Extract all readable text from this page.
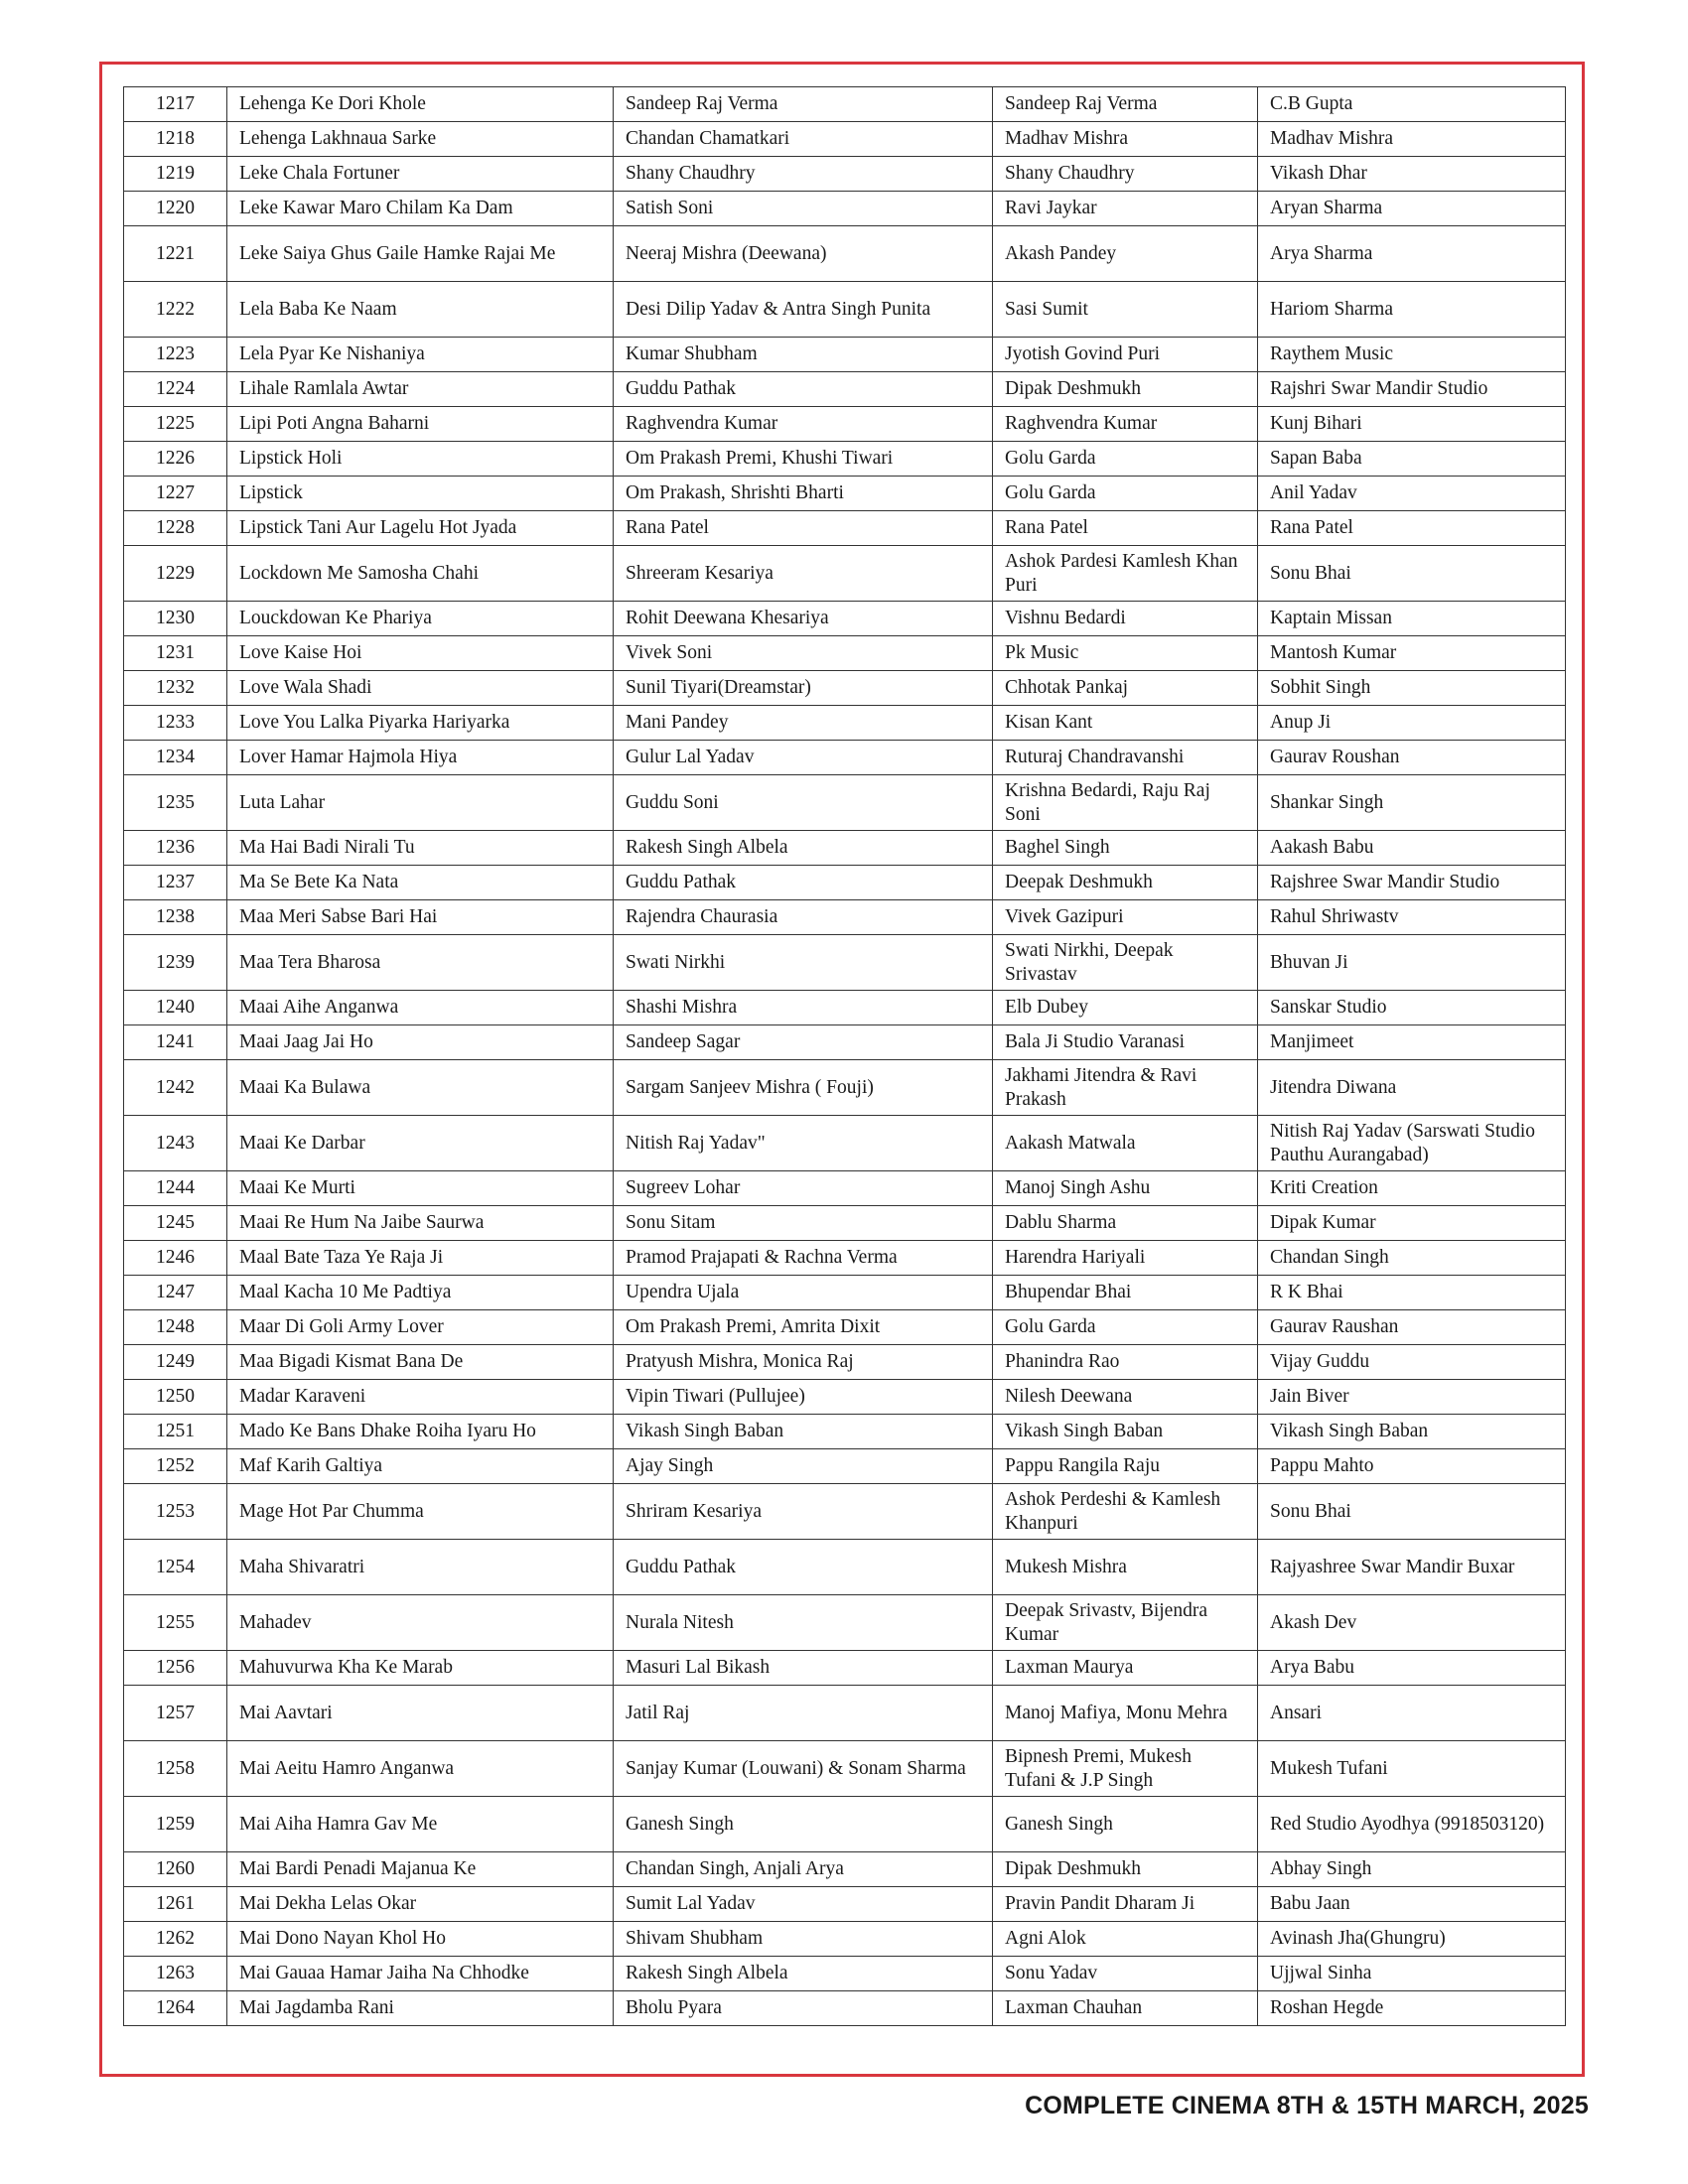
1217	Lehenga Ke Dori Khole	Sandeep Raj Verma	Sandeep Raj Verma	C.B Gupta
1218	Lehenga Lakhnaua Sarke	Chandan Chamatkari	Madhav Mishra	Madhav Mishra
1219	Leke Chala Fortuner	Shany Chaudhry	Shany Chaudhry	Vikash Dhar
1220	Leke Kawar Maro Chilam Ka Dam	Satish Soni	Ravi Jaykar	Aryan Sharma
1221	Leke Saiya Ghus Gaile Hamke Rajai Me	Neeraj Mishra (Deewana)	Akash Pandey	Arya Sharma
1222	Lela Baba Ke Naam	Desi Dilip Yadav & Antra Singh Punita	Sasi Sumit	Hariom Sharma
1223	Lela Pyar Ke Nishaniya	Kumar Shubham	Jyotish Govind Puri	Raythem Music
1224	Lihale Ramlala Awtar	Guddu Pathak	Dipak Deshmukh	Rajshri Swar Mandir Studio
1225	Lipi Poti Angna Baharni	Raghvendra Kumar	Raghvendra Kumar	Kunj Bihari
1226	Lipstick Holi	Om Prakash Premi, Khushi Tiwari	Golu Garda	Sapan Baba
1227	Lipstick	Om Prakash, Shrishti Bharti	Golu Garda	Anil Yadav
1228	Lipstick Tani Aur Lagelu Hot Jyada	Rana Patel	Rana Patel	Rana Patel
1229	Lockdown Me Samosha Chahi	Shreeram Kesariya	Ashok Pardesi Kamlesh Khan Puri	Sonu Bhai
1230	Louckdowan Ke Phariya	Rohit Deewana Khesariya	Vishnu Bedardi	Kaptain Missan
1231	Love Kaise Hoi	Vivek Soni	Pk Music	Mantosh Kumar
1232	Love Wala Shadi	Sunil Tiyari(Dreamstar)	Chhotak Pankaj	Sobhit Singh
1233	Love You Lalka Piyarka Hariyarka	Mani Pandey	Kisan Kant	Anup Ji
1234	Lover Hamar Hajmola Hiya	Gulur Lal Yadav	Ruturaj Chandravanshi	Gaurav Roushan
1235	Luta Lahar	Guddu Soni	Krishna Bedardi, Raju Raj Soni	Shankar Singh
1236	Ma Hai Badi Nirali Tu	Rakesh Singh Albela	Baghel Singh	Aakash Babu
1237	Ma Se Bete Ka Nata	Guddu Pathak	Deepak Deshmukh	Rajshree Swar Mandir Studio
1238	Maa Meri Sabse Bari Hai	Rajendra Chaurasia	Vivek Gazipuri	Rahul Shriwastv
1239	Maa Tera Bharosa	Swati Nirkhi	Swati Nirkhi, Deepak Srivastav	Bhuvan Ji
1240	Maai Aihe Anganwa	Shashi Mishra	Elb Dubey	Sanskar Studio
1241	Maai Jaag Jai Ho	Sandeep Sagar	Bala Ji Studio Varanasi	Manjimeet
1242	Maai Ka Bulawa	Sargam Sanjeev Mishra ( Fouji)	Jakhami Jitendra & Ravi Prakash	Jitendra Diwana
1243	Maai Ke Darbar	Nitish Raj Yadav"	Aakash Matwala	Nitish Raj Yadav (Sarswati Studio Pauthu Aurangabad)
1244	Maai Ke Murti	Sugreev Lohar	Manoj Singh Ashu	Kriti Creation
1245	Maai Re Hum Na Jaibe Saurwa	Sonu Sitam	Dablu Sharma	Dipak Kumar
1246	Maal Bate Taza Ye Raja Ji	Pramod Prajapati & Rachna Verma	Harendra Hariyali	Chandan Singh
1247	Maal Kacha 10 Me Padtiya	Upendra Ujala	Bhupendar Bhai	R K Bhai
1248	Maar Di Goli Army Lover	Om Prakash Premi, Amrita Dixit	Golu Garda	Gaurav Raushan
1249	Maa Bigadi Kismat Bana De	Pratyush Mishra, Monica Raj	Phanindra Rao	Vijay Guddu
1250	Madar Karaveni	Vipin Tiwari (Pullujee)	Nilesh Deewana	Jain Biver
1251	Mado Ke Bans Dhake Roiha Iyaru Ho	Vikash Singh Baban	Vikash Singh Baban	Vikash Singh Baban
1252	Maf Karih Galtiya	Ajay Singh	Pappu Rangila Raju	Pappu Mahto
1253	Mage Hot Par Chumma	Shriram Kesariya	Ashok Perdeshi & Kamlesh Khanpuri	Sonu Bhai
1254	Maha Shivaratri	Guddu Pathak	Mukesh Mishra	Rajyashree Swar Mandir Buxar
1255	Mahadev	Nurala Nitesh	Deepak Srivastv, Bijendra Kumar	Akash Dev
1256	Mahuvurwa Kha Ke Marab	Masuri Lal Bikash	Laxman Maurya	Arya Babu
1257	Mai Aavtari	Jatil Raj	Manoj Mafiya, Monu Mehra	Ansari
1258	Mai Aeitu Hamro Anganwa	Sanjay Kumar (Louwani) & Sonam Sharma	Bipnesh Premi, Mukesh Tufani & J.P Singh	Mukesh Tufani
1259	Mai Aiha Hamra Gav Me	Ganesh Singh	Ganesh Singh	Red Studio Ayodhya (9918503120)
1260	Mai Bardi Penadi Majanua Ke	Chandan Singh, Anjali Arya	Dipak Deshmukh	Abhay Singh
1261	Mai Dekha Lelas Okar	Sumit Lal Yadav	Pravin Pandit Dharam Ji	Babu Jaan
1262	Mai Dono Nayan Khol Ho	Shivam Shubham	Agni Alok	Avinash Jha(Ghungru)
1263	Mai Gauaa Hamar Jaiha Na Chhodke	Rakesh Singh Albela	Sonu Yadav	Ujjwal Sinha
1264	Mai Jagdamba Rani	Bholu Pyara	Laxman Chauhan	Roshan Hegde
COMPLETE CINEMA 8TH & 15TH MARCH, 2025
